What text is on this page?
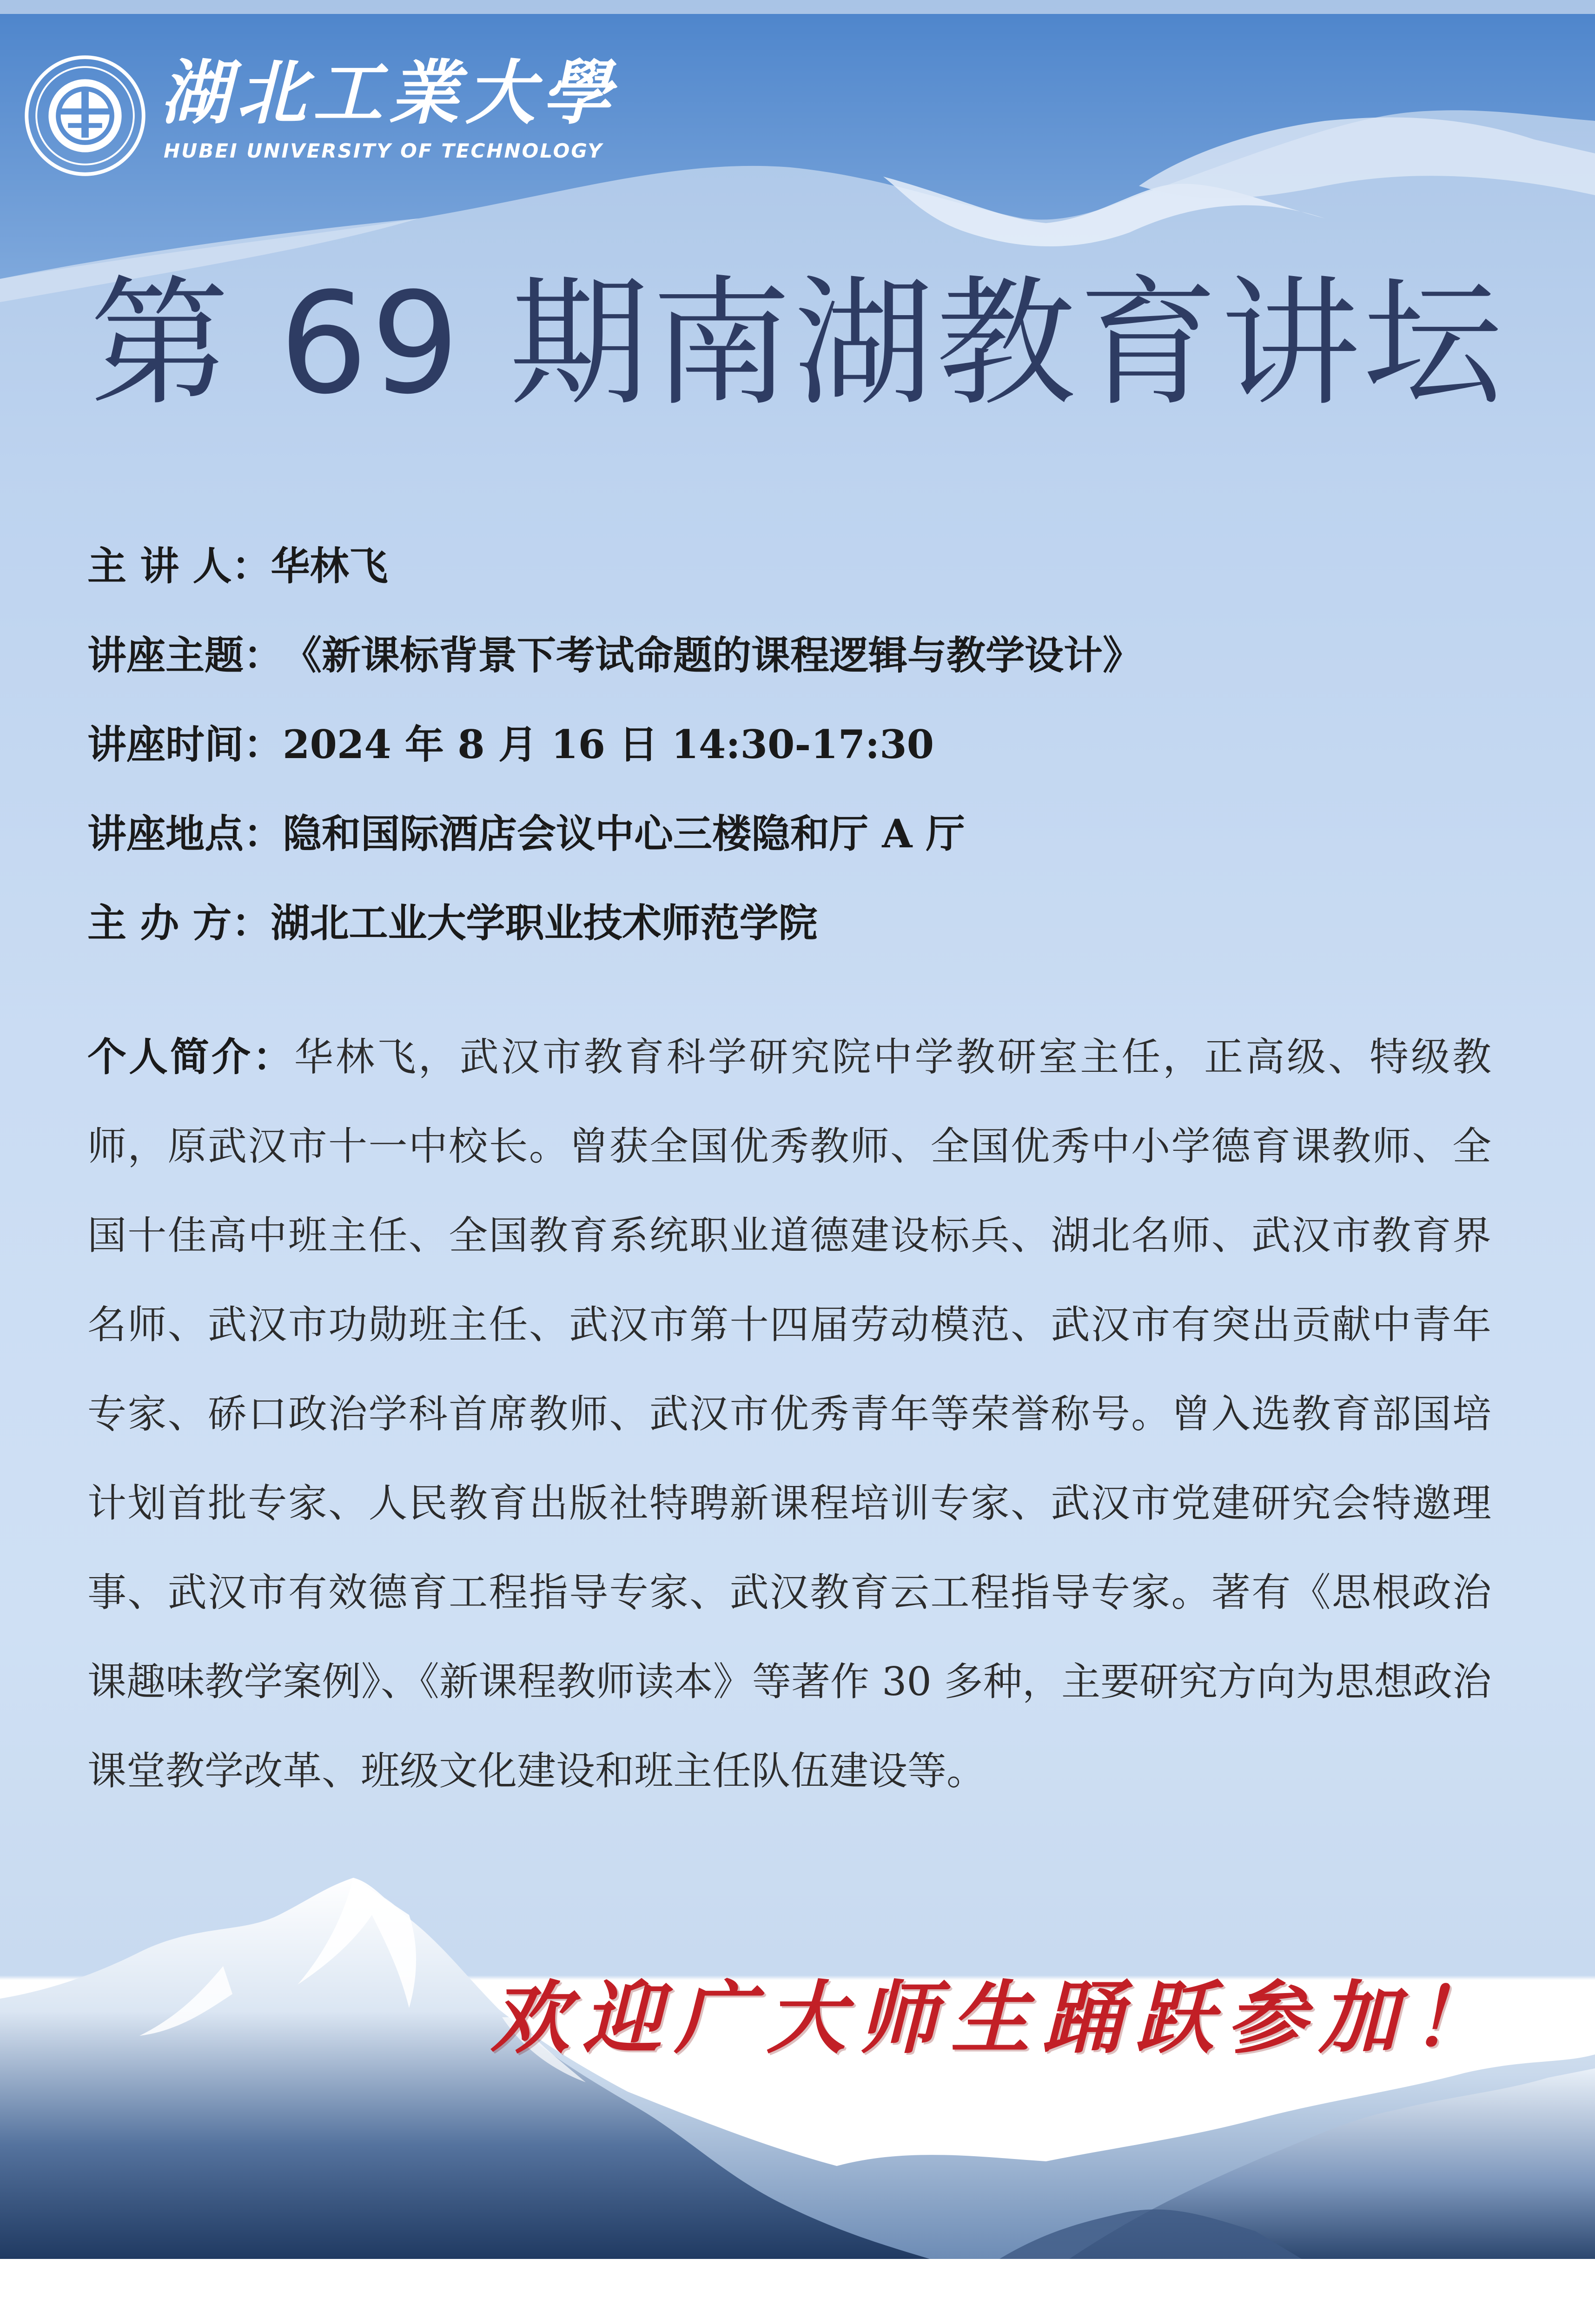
湖北工業大學
HUBEI UNIVERSITY OF TECHNOLOGY
第 69 期南湖教育讲坛
主 讲 人：华林飞
讲座主题：《新课标背景下考试命题的课程逻辑与教学设计》
讲座时间：2024 年 8 月 16 日 14:30-17:30
讲座地点：隐和国际酒店会议中心三楼隐和厅 A 厅
主 办 方：湖北工业大学职业技术师范学院

个人简介：华林飞，武汉市教育科学研究院中学教研室主任，正高级、特级教师，原武汉市十一中校长。曾获全国优秀教师、全国优秀中小学德育课教师、全国十佳高中班主任、全国教育系统职业道德建设标兵、湖北名师、武汉市教育界名师、武汉市功勋班主任、武汉市第十四届劳动模范、武汉市有突出贡献中青年专家、硚口政治学科首席教师、武汉市优秀青年等荣誉称号。曾入选教育部国培计划首批专家、人民教育出版社特聘新课程培训专家、武汉市党建研究会特邀理事、武汉市有效德育工程指导专家、武汉教育云工程指导专家。著有《思根政治课趣味教学案例》、《新课程教师读本》等著作 30 多种，主要研究方向为思想政治课堂教学改革、班级文化建设和班主任队伍建设等。

欢迎广大师生踊跃参加！
